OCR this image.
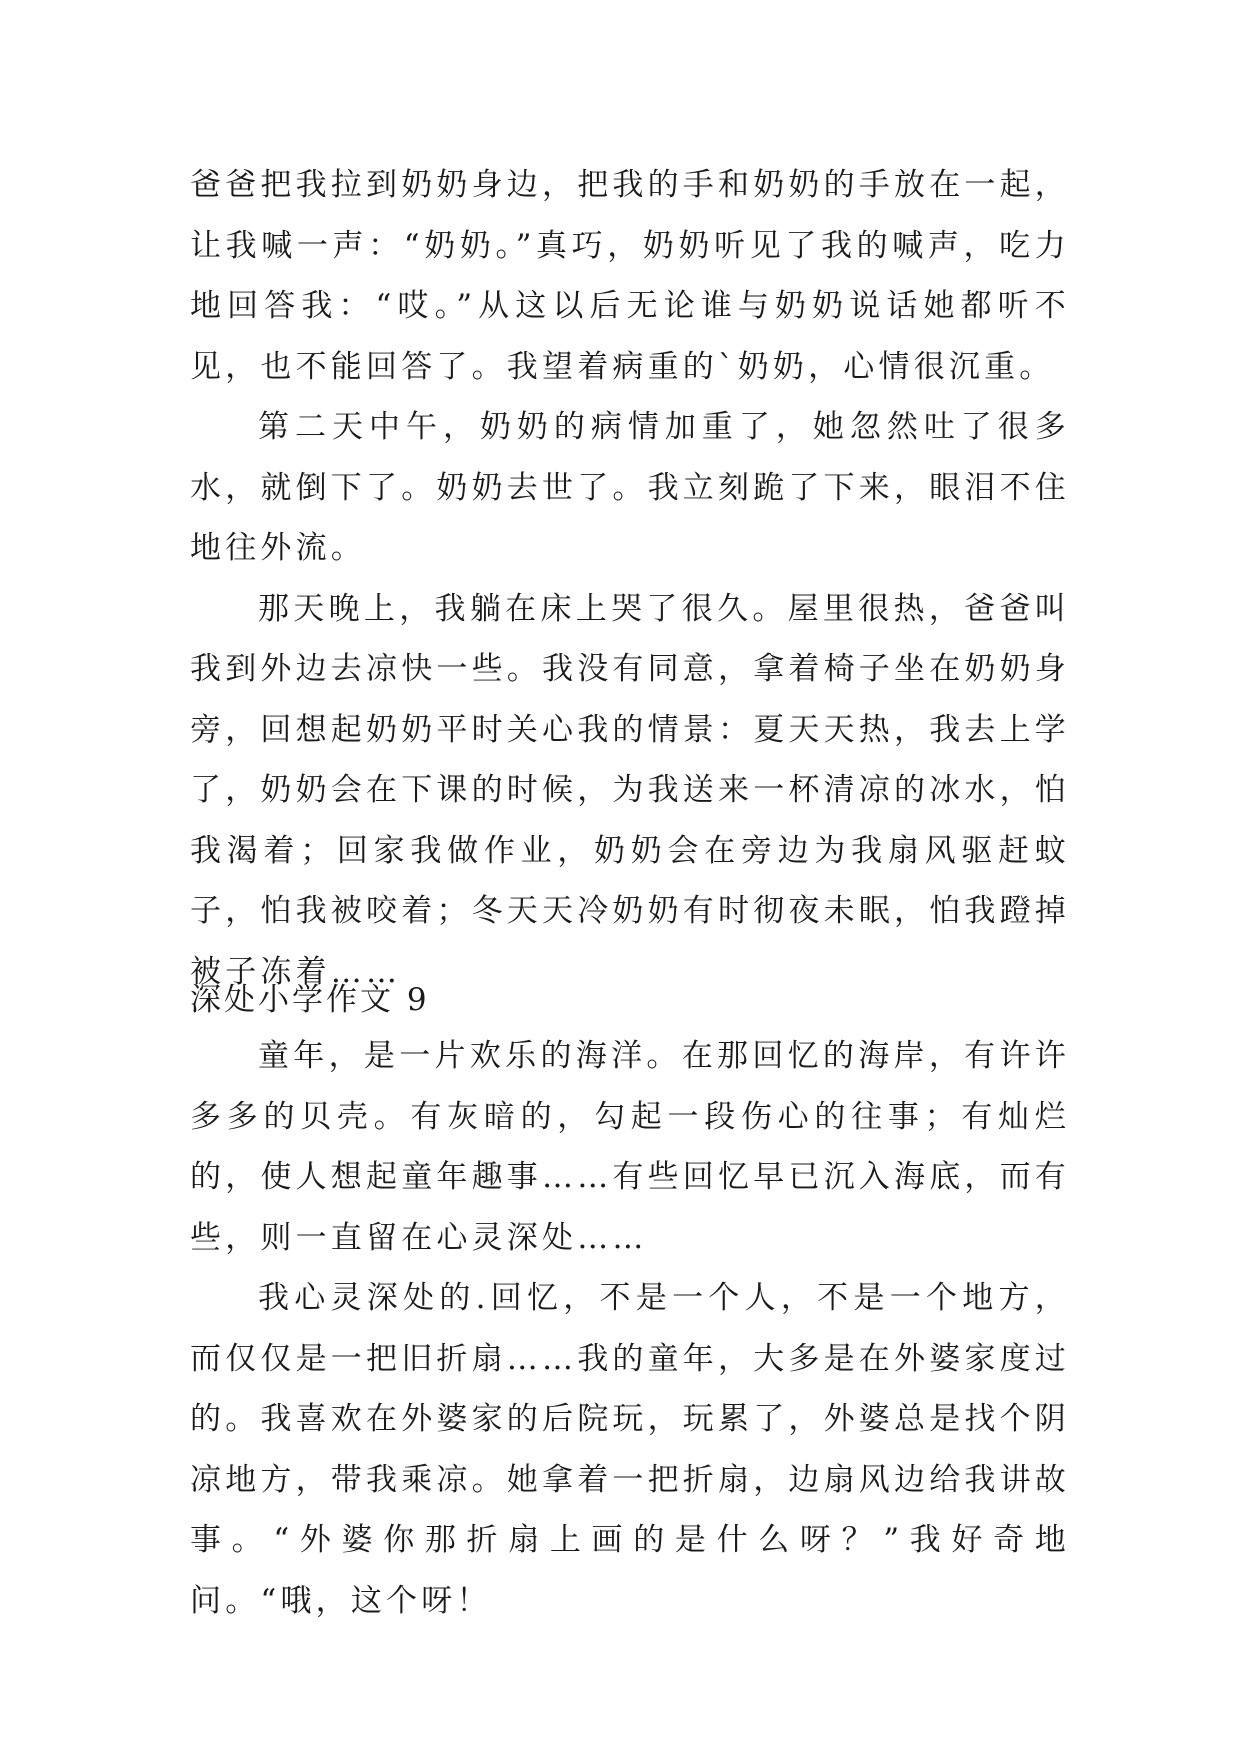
爸爸把我拉到奶奶身边，把我的手和奶奶的手放在一起，让我喊一声：“奶奶。”真巧，奶奶听见了我的喊声，吃力地回答我：“哎。”从这以后无论谁与奶奶说话她都听不见，也不能回答了。我望着病重的`奶奶，心情很沉重。

第二天中午，奶奶的病情加重了，她忽然吐了很多水，就倒下了。奶奶去世了。我立刻跪了下来，眼泪不住地往外流。

那天晚上，我躺在床上哭了很久。屋里很热，爸爸叫我到外边去凉快一些。我没有同意，拿着椅子坐在奶奶身旁，回想起奶奶平时关心我的情景：夏天天热，我去上学了，奶奶会在下课的时候，为我送来一杯清凉的冰水，怕我渴着；回家我做作业，奶奶会在旁边为我扇风驱赶蚊子，怕我被咬着；冬天天冷奶奶有时彻夜未眠，怕我蹬掉被子冻着……

深处小学作文 9

童年，是一片欢乐的海洋。在那回忆的海岸，有许许多多的贝壳。有灰暗的，勾起一段伤心的往事；有灿烂的，使人想起童年趣事……有些回忆早已沉入海底，而有些，则一直留在心灵深处……

我心灵深处的.回忆，不是一个人，不是一个地方，而仅仅是一把旧折扇……我的童年，大多是在外婆家度过的。我喜欢在外婆家的后院玩，玩累了，外婆总是找个阴凉地方，带我乘凉。她拿着一把折扇，边扇风边给我讲故事。“外婆你那折扇上画的是什么呀？”我好奇地问。“哦，这个呀！
